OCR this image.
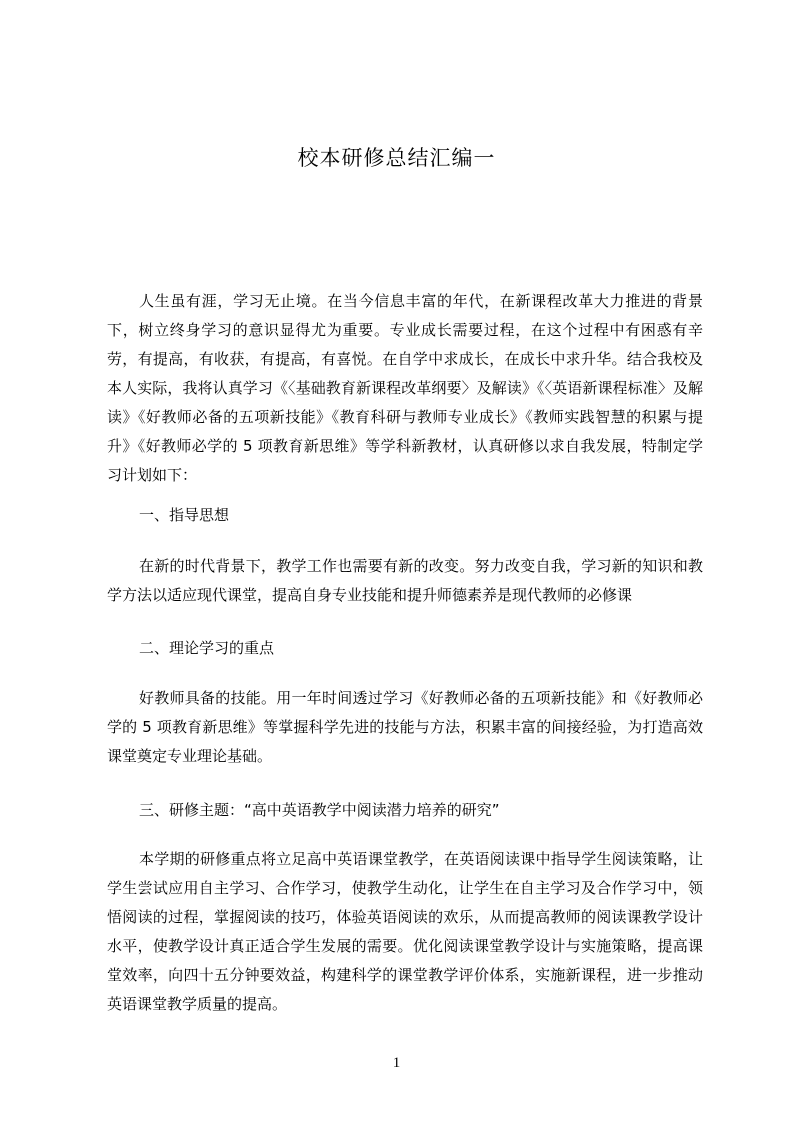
校本研修总结汇编一

人生虽有涯，学习无止境。在当今信息丰富的年代，在新课程改革大力推进的背景下，树立终身学习的意识显得尤为重要。专业成长需要过程，在这个过程中有困惑有辛劳，有提高，有收获，有提高，有喜悦。在自学中求成长，在成长中求升华。结合我校及本人实际，我将认真学习《〈基础教育新课程改革纲要〉及解读》《〈英语新课程标准〉及解读》《好教师必备的五项新技能》《教育科研与教师专业成长》《教师实践智慧的积累与提升》《好教师必学的 5 项教育新思维》等学科新教材，认真研修以求自我发展，特制定学习计划如下：

一、指导思想

在新的时代背景下，教学工作也需要有新的改变。努力改变自我，学习新的知识和教学方法以适应现代课堂，提高自身专业技能和提升师德素养是现代教师的必修课

二、理论学习的重点

好教师具备的技能。用一年时间透过学习《好教师必备的五项新技能》和《好教师必学的 5 项教育新思维》等掌握科学先进的技能与方法，积累丰富的间接经验，为打造高效课堂奠定专业理论基础。

三、研修主题：“高中英语教学中阅读潜力培养的研究”

本学期的研修重点将立足高中英语课堂教学，在英语阅读课中指导学生阅读策略，让学生尝试应用自主学习、合作学习，使教学生动化，让学生在自主学习及合作学习中，领悟阅读的过程，掌握阅读的技巧，体验英语阅读的欢乐，从而提高教师的阅读课教学设计水平，使教学设计真正适合学生发展的需要。优化阅读课堂教学设计与实施策略，提高课堂效率，向四十五分钟要效益，构建科学的课堂教学评价体系，实施新课程，进一步推动英语课堂教学质量的提高。

1
